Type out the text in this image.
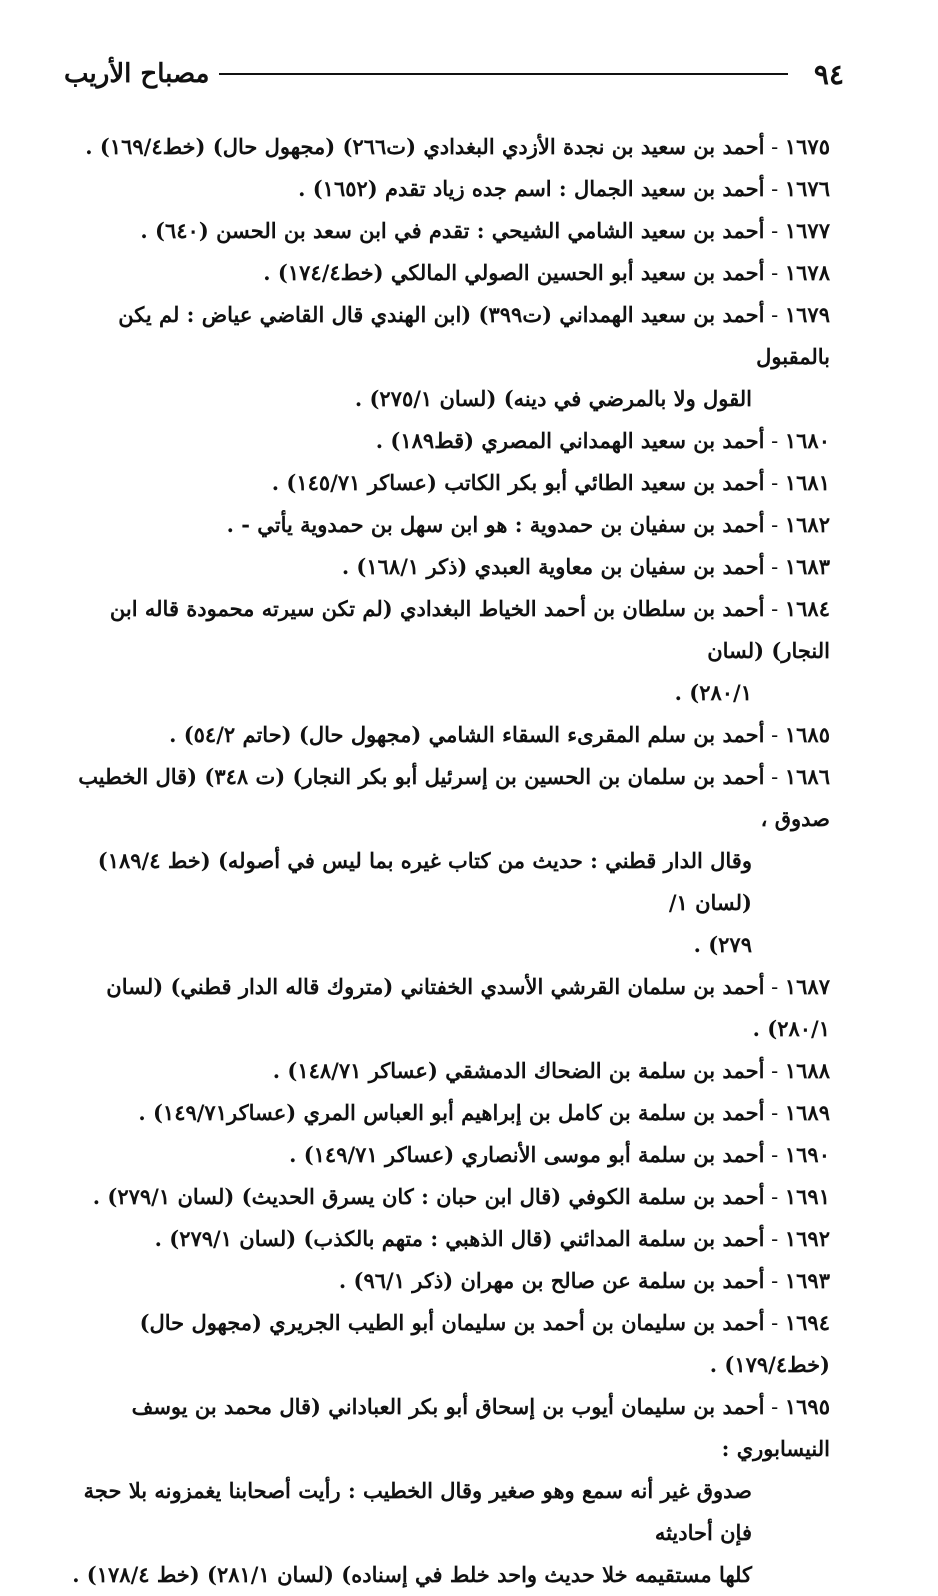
٩٤
مصباح الأريب

١٦٧٥ - أحمد بن سعيد بن نجدة الأزدي البغدادي (ت٢٦٦) (مجهول حال) (خط١٦٩/٤) .

١٦٧٦ - أحمد بن سعيد الجمال : اسم جده زياد تقدم (١٦٥٢) .

١٦٧٧ - أحمد بن سعيد الشامي الشيحي : تقدم في ابن سعد بن الحسن (٦٤٠) .

١٦٧٨ - أحمد بن سعيد أبو الحسين الصولي المالكي (خط١٧٤/٤) .

١٦٧٩ - أحمد بن سعيد الهمداني (ت٣٩٩) (ابن الهندي قال القاضي عياض : لم يكن بالمقبول
القول ولا بالمرضي في دينه) (لسان ٢٧٥/١) .

١٦٨٠ - أحمد بن سعيد الهمداني المصري (قط١٨٩) .

١٦٨١ - أحمد بن سعيد الطائي أبو بكر الكاتب (عساكر ١٤٥/٧١) .

١٦٨٢ - أحمد بن سفيان بن حمدوية : هو ابن سهل بن حمدوية يأتي - .

١٦٨٣ - أحمد بن سفيان بن معاوية العبدي (ذكر ١٦٨/١) .

١٦٨٤ - أحمد بن سلطان بن أحمد الخياط البغدادي (لم تكن سيرته محمودة قاله ابن النجار) (لسان
٢٨٠/١) .

١٦٨٥ - أحمد بن سلم المقرىء السقاء الشامي (مجهول حال) (حاتم ٥٤/٢) .

١٦٨٦ - أحمد بن سلمان بن الحسين بن إسرئيل أبو بكر النجار) (ت ٣٤٨) (قال الخطيب صدوق ،
وقال الدار قطني : حديث من كتاب غيره بما ليس في أصوله) (خط ١٨٩/٤) (لسان ١/
٢٧٩) .

١٦٨٧ - أحمد بن سلمان القرشي الأسدي الخفتاني (متروك قاله الدار قطني) (لسان ٢٨٠/١) .

١٦٨٨ - أحمد بن سلمة بن الضحاك الدمشقي (عساكر ١٤٨/٧١) .

١٦٨٩ - أحمد بن سلمة بن كامل بن إبراهيم أبو العباس المري (عساكر١٤٩/٧١) .

١٦٩٠ - أحمد بن سلمة أبو موسى الأنصاري (عساكر ١٤٩/٧١) .

١٦٩١ - أحمد بن سلمة الكوفي (قال ابن حبان : كان يسرق الحديث) (لسان ٢٧٩/١) .

١٦٩٢ - أحمد بن سلمة المدائني (قال الذهبي : متهم بالكذب) (لسان ٢٧٩/١) .

١٦٩٣ - أحمد بن سلمة عن صالح بن مهران (ذكر ٩٦/١) .

١٦٩٤ - أحمد بن سليمان بن أحمد بن سليمان أبو الطيب الجريري (مجهول حال) (خط١٧٩/٤) .

١٦٩٥ - أحمد بن سليمان أيوب بن إسحاق أبو بكر العباداني (قال محمد بن يوسف النيسابوري :
صدوق غير أنه سمع وهو صغير وقال الخطيب : رأيت أصحابنا يغمزونه بلا حجة فإن أحاديثه
كلها مستقيمه خلا حديث واحد خلط في إسناده) (لسان ٢٨١/١) (خط ١٧٨/٤) .
